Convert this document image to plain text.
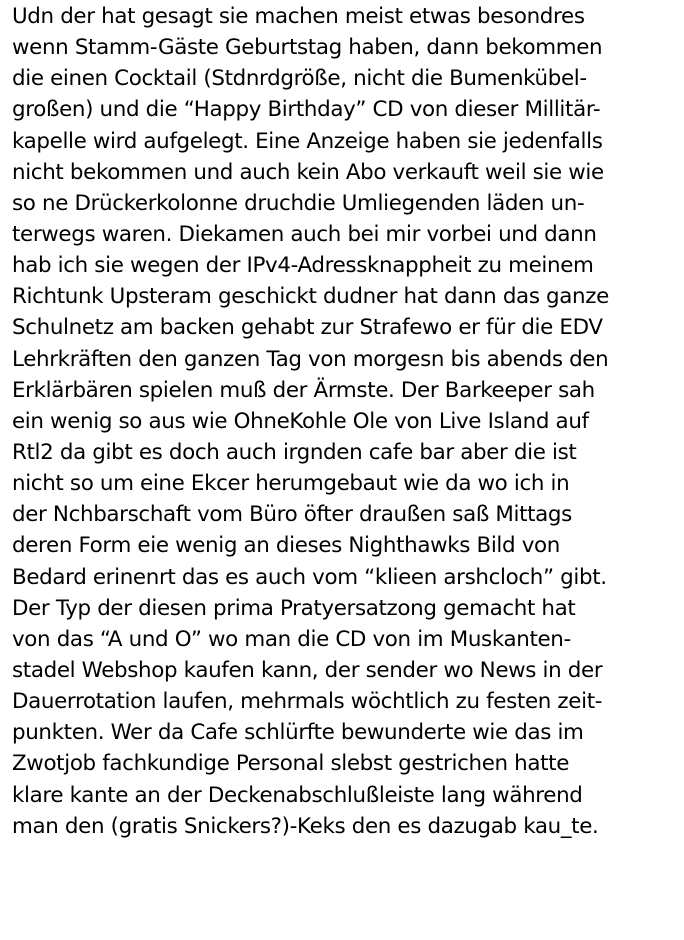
Udn der hat gesagt sie machen meist etwas besondres
wenn Stamm-Gäste Geburtstag haben, dann bekommen
die einen Cocktail (Stdnrdgröße, nicht die Bumenkübel-
großen) und die “Happy Birthday” CD von dieser Millitär-
kapelle wird aufgelegt. Eine Anzeige haben sie jedenfalls
nicht bekommen und auch kein Abo verkauft weil sie wie
so ne Drückerkolonne druchdie Umliegenden läden un-
terwegs waren. Diekamen auch bei mir vorbei und dann
hab ich sie wegen der IPv4-Adressknappheit zu meinem
Richtunk Upsteram geschickt dudner hat dann das ganze
Schulnetz am backen gehabt zur Strafewo er für die EDV
Lehrkräften den ganzen Tag von morgesn bis abends den
Erklärbären spielen muß der Ärmste. Der Barkeeper sah
ein wenig so aus wie OhneKohle Ole von Live Island auf
Rtl2 da gibt es doch auch irgnden cafe bar aber die ist
nicht so um eine Ekcer herumgebaut wie da wo ich in
der Nchbarschaft vom Büro öfter draußen saß Mittags
deren Form eie wenig an dieses Nighthawks Bild von
Bedard erinenrt das es auch vom “klieen arshcloch” gibt.
Der Typ der diesen prima Pratyersatzong gemacht hat
von das “A und O” wo man die CD von im Muskanten-
stadel Webshop kaufen kann, der sender wo News in der
Dauerrotation laufen, mehrmals wöchtlich zu festen zeit-
punkten. Wer da Cafe schlürfte bewunderte wie das im
Zwotjob fachkundige Personal slebst gestrichen hatte
klare kante an der Deckenabschlußleiste lang während
man den (gratis Snickers?)-Keks den es dazugab kau_te.
